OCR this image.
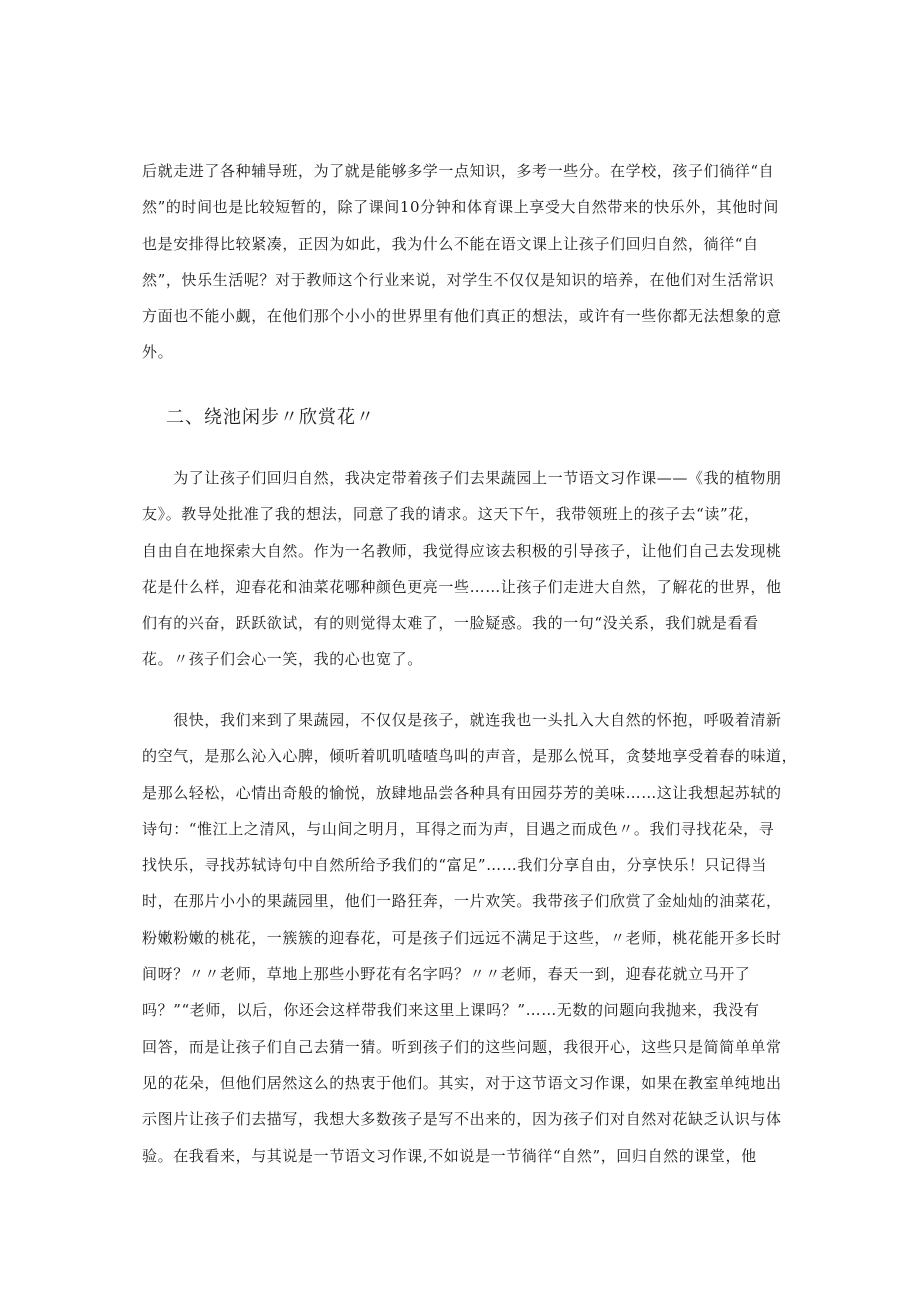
后就走进了各种辅导班，为了就是能够多学一点知识，多考一些分。在学校，孩子们徜徉“自
然”的时间也是比较短暂的，除了课间10分钟和体育课上享受大自然带来的快乐外，其他时间
也是安排得比较紧凑，正因为如此，我为什么不能在语文课上让孩子们回归自然，徜徉“自
然”，快乐生活呢？对于教师这个行业来说，对学生不仅仅是知识的培养，在他们对生活常识
方面也不能小觑，在他们那个小小的世界里有他们真正的想法，或许有一些你都无法想象的意
外。
二、绕池闲步〃欣赏花〃
　　为了让孩子们回归自然，我决定带着孩子们去果蔬园上一节语文习作课——《我的植物朋
友》。教导处批准了我的想法，同意了我的请求。这天下午，我带领班上的孩子去“读”花，
自由自在地探索大自然。作为一名教师，我觉得应该去积极的引导孩子，让他们自己去发现桃
花是什么样，迎春花和油菜花哪种颜色更亮一些……让孩子们走进大自然，了解花的世界，他
们有的兴奋，跃跃欲试，有的则觉得太难了，一脸疑惑。我的一句“没关系，我们就是看看
花。〃孩子们会心一笑，我的心也宽了。
　　很快，我们来到了果蔬园，不仅仅是孩子，就连我也一头扎入大自然的怀抱，呼吸着清新
的空气，是那么沁入心脾，倾听着叽叽喳喳鸟叫的声音，是那么悦耳，贪婪地享受着春的味道，
是那么轻松，心情出奇般的愉悦，放肆地品尝各种具有田园芬芳的美味……这让我想起苏轼的
诗句：“惟江上之清风，与山间之明月，耳得之而为声，目遇之而成色〃。我们寻找花朵，寻
找快乐，寻找苏轼诗句中自然所给予我们的“富足”……我们分享自由，分享快乐！只记得当
时，在那片小小的果蔬园里，他们一路狂奔，一片欢笑。我带孩子们欣赏了金灿灿的油菜花，
粉嫩粉嫩的桃花，一簇簇的迎春花，可是孩子们远远不满足于这些，〃老师，桃花能开多长时
间呀？〃〃老师，草地上那些小野花有名字吗？〃〃老师，春天一到，迎春花就立马开了
吗？”“老师，以后，你还会这样带我们来这里上课吗？”……无数的问题向我抛来，我没有
回答，而是让孩子们自己去猜一猜。听到孩子们的这些问题，我很开心，这些只是简简单单常
见的花朵，但他们居然这么的热衷于他们。其实，对于这节语文习作课，如果在教室单纯地出
示图片让孩子们去描写，我想大多数孩子是写不出来的，因为孩子们对自然对花缺乏认识与体
验。在我看来，与其说是一节语文习作课,不如说是一节徜徉“自然”，回归自然的课堂，他
